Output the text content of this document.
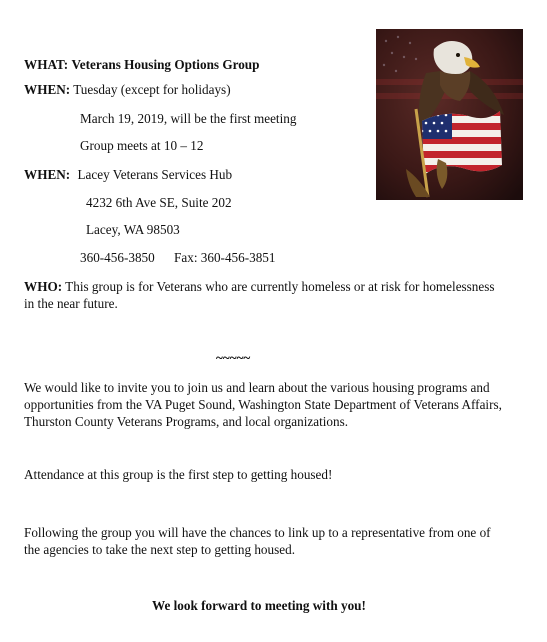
WHAT: Veterans Housing Options Group
WHEN: Tuesday (except for holidays)
March 19, 2019, will be the first meeting
Group meets at 10 – 12
WHEN: Lacey Veterans Services Hub
4232 6th Ave SE, Suite 202
Lacey, WA 98503
360-456-3850 Fax: 360-456-3851
WHO: This group is for Veterans who are currently homeless or at risk for homelessness in the near future.
~~~~~
We would like to invite you to join us and learn about the various housing programs and opportunities from the VA Puget Sound, Washington State Department of Veterans Affairs, Thurston County Veterans Programs, and local organizations.
Attendance at this group is the first step to getting housed!
Following the group you will have the chances to link up to a representative from one of the agencies to take the next step to getting housed.
We look forward to meeting with you!
